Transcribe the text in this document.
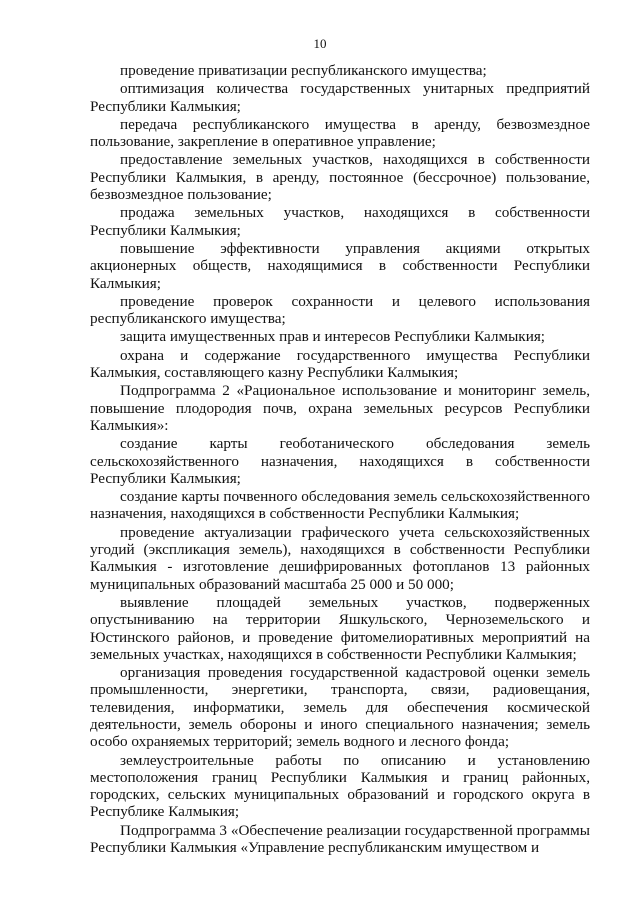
10

проведение приватизации республиканского имущества;

оптимизация количества государственных унитарных предприятий Республики Калмыкия;

передача республиканского имущества в аренду, безвозмездное пользование, закрепление в оперативное управление;

предоставление земельных участков, находящихся в собственности Республики Калмыкия, в аренду, постоянное (бессрочное) пользование, безвозмездное пользование;

продажа земельных участков, находящихся в собственности Республики Калмыкия;

повышение эффективности управления акциями открытых акционерных обществ, находящимися в собственности Республики Калмыкия;

проведение проверок сохранности и целевого использования республиканского имущества;

защита имущественных прав и интересов Республики Калмыкия;

охрана и содержание государственного имущества Республики Калмыкия, составляющего казну Республики Калмыкия;

Подпрограмма 2 «Рациональное использование и мониторинг земель, повышение плодородия почв, охрана земельных ресурсов Республики Калмыкия»:

создание карты геоботанического обследования земель сельскохозяйственного назначения, находящихся в собственности Республики Калмыкия;

создание карты почвенного обследования земель сельскохозяйственного назначения, находящихся в собственности Республики Калмыкия;

проведение актуализации графического учета сельскохозяйственных угодий (экспликация земель), находящихся в собственности Республики Калмыкия - изготовление дешифрированных фотопланов 13 районных муниципальных образований масштаба 25 000 и 50 000;

выявление площадей земельных участков, подверженных опустыниванию на территории Яшкульского, Черноземельского и Юстинского районов, и проведение фитомелиоративных мероприятий на земельных участках, находящихся в собственности Республики Калмыкия;

организация проведения государственной кадастровой оценки земель промышленности, энергетики, транспорта, связи, радиовещания, телевидения, информатики, земель для обеспечения космической деятельности, земель обороны и иного специального назначения; земель особо охраняемых территорий; земель водного и лесного фонда;

землеустроительные работы по описанию и установлению местоположения границ Республики Калмыкия и границ районных, городских, сельских муниципальных образований и городского округа в Республике Калмыкия;

Подпрограмма 3 «Обеспечение реализации государственной программы Республики Калмыкия «Управление республиканским имуществом и
